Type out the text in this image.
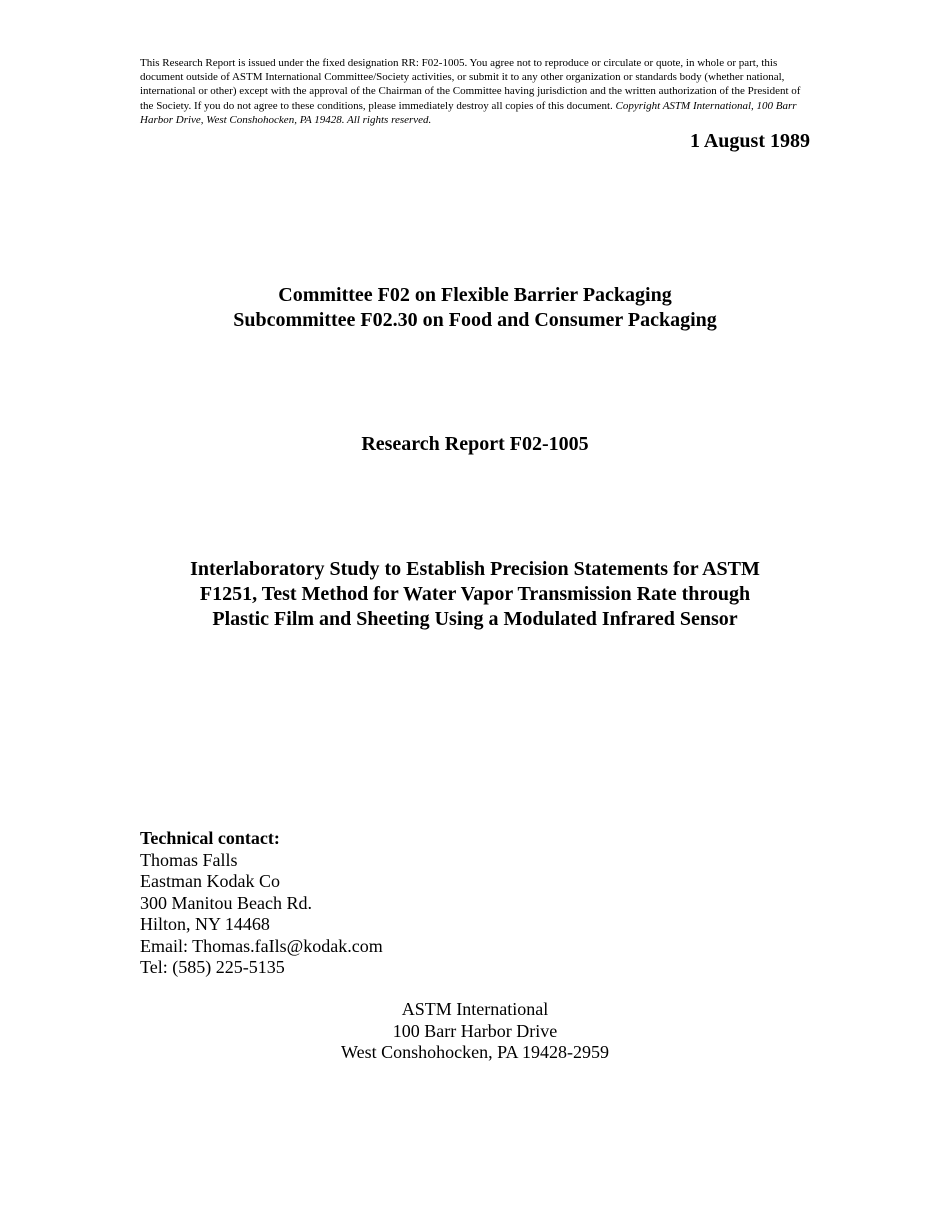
This Research Report is issued under the fixed designation RR: F02-1005. You agree not to reproduce or circulate or quote, in whole or part, this document outside of ASTM International Committee/Society activities, or submit it to any other organization or standards body (whether national, international or other) except with the approval of the Chairman of the Committee having jurisdiction and the written authorization of the President of the Society. If you do not agree to these conditions, please immediately destroy all copies of this document. Copyright ASTM International, 100 Barr Harbor Drive, West Conshohocken, PA 19428. All rights reserved.

1 August 1989

Committee F02 on Flexible Barrier Packaging
Subcommittee F02.30 on Food and Consumer Packaging
Research Report F02-1005
Interlaboratory Study to Establish Precision Statements for ASTM
F1251, Test Method for Water Vapor Transmission Rate through
Plastic Film and Sheeting Using a Modulated Infrared Sensor
Technical contact:
Thomas Falls
Eastman Kodak Co
300 Manitou Beach Rd.
Hilton, NY 14468
Email: Thomas.faIls@kodak.com
Tel: (585) 225-5135
ASTM International
100 Barr Harbor Drive
West Conshohocken, PA 19428-2959
